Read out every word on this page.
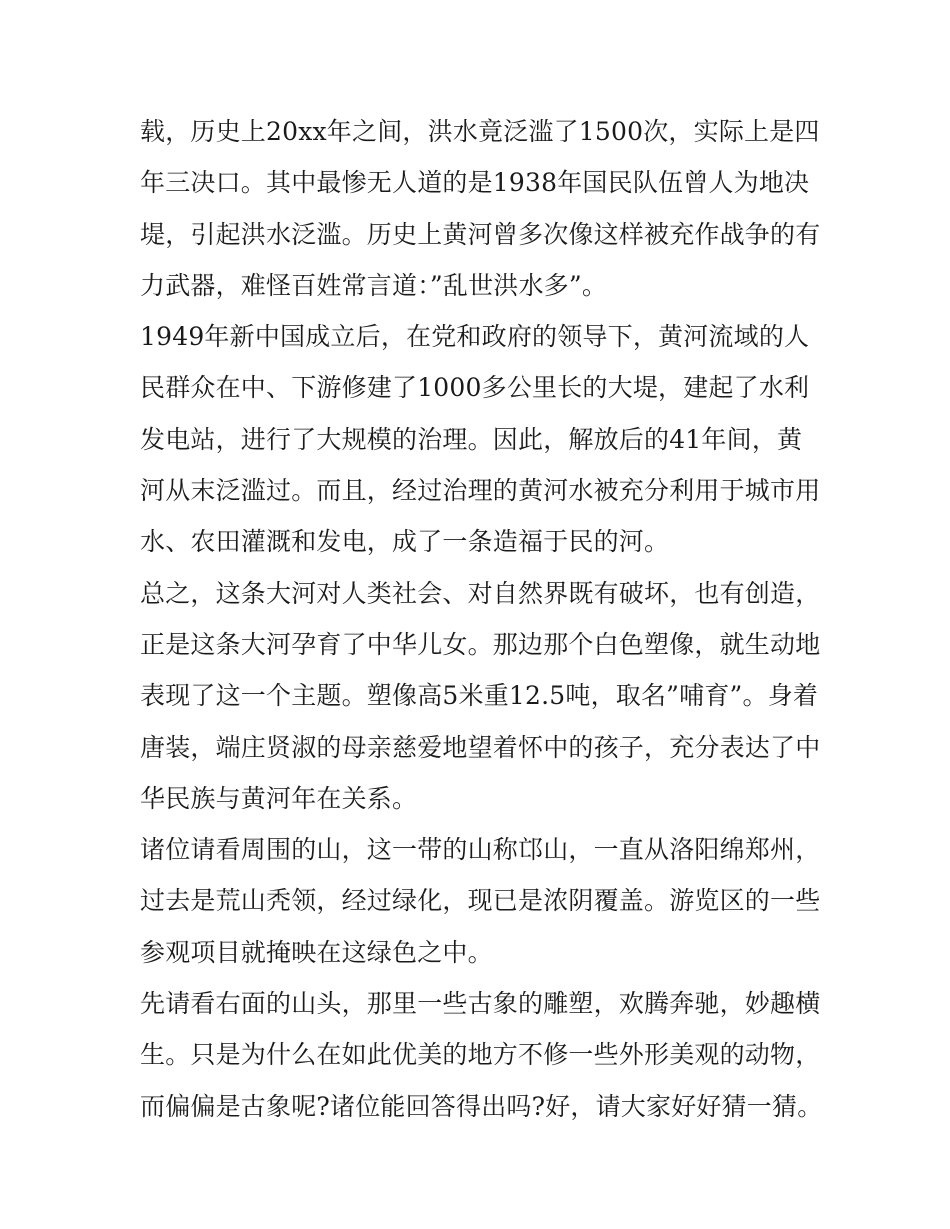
载，历史上20xx年之间，洪水竟泛滥了1500次，实际上是四
年三决口。其中最惨无人道的是1938年国民队伍曾人为地决
堤，引起洪水泛滥。历史上黄河曾多次像这样被充作战争的有
力武器，难怪百姓常言道：”乱世洪水多”。
1949年新中国成立后，在党和政府的领导下，黄河流域的人
民群众在中、下游修建了1000多公里长的大堤，建起了水利
发电站，进行了大规模的治理。因此，解放后的41年间，黄
河从末泛滥过。而且，经过治理的黄河水被充分利用于城市用
水、农田灌溉和发电，成了一条造福于民的河。
总之，这条大河对人类社会、对自然界既有破坏，也有创造，
正是这条大河孕育了中华儿女。那边那个白色塑像，就生动地
表现了这一个主题。塑像高5米重12.5吨，取名”哺育”。身着
唐装，端庄贤淑的母亲慈爱地望着怀中的孩子，充分表达了中
华民族与黄河年在关系。
诸位请看周围的山，这一带的山称邙山，一直从洛阳绵郑州，
过去是荒山秃领，经过绿化，现已是浓阴覆盖。游览区的一些
参观项目就掩映在这绿色之中。
先请看右面的山头，那里一些古象的雕塑，欢腾奔驰，妙趣横
生。只是为什么在如此优美的地方不修一些外形美观的动物，
而偏偏是古象呢?诸位能回答得出吗?好，请大家好好猜一猜。
